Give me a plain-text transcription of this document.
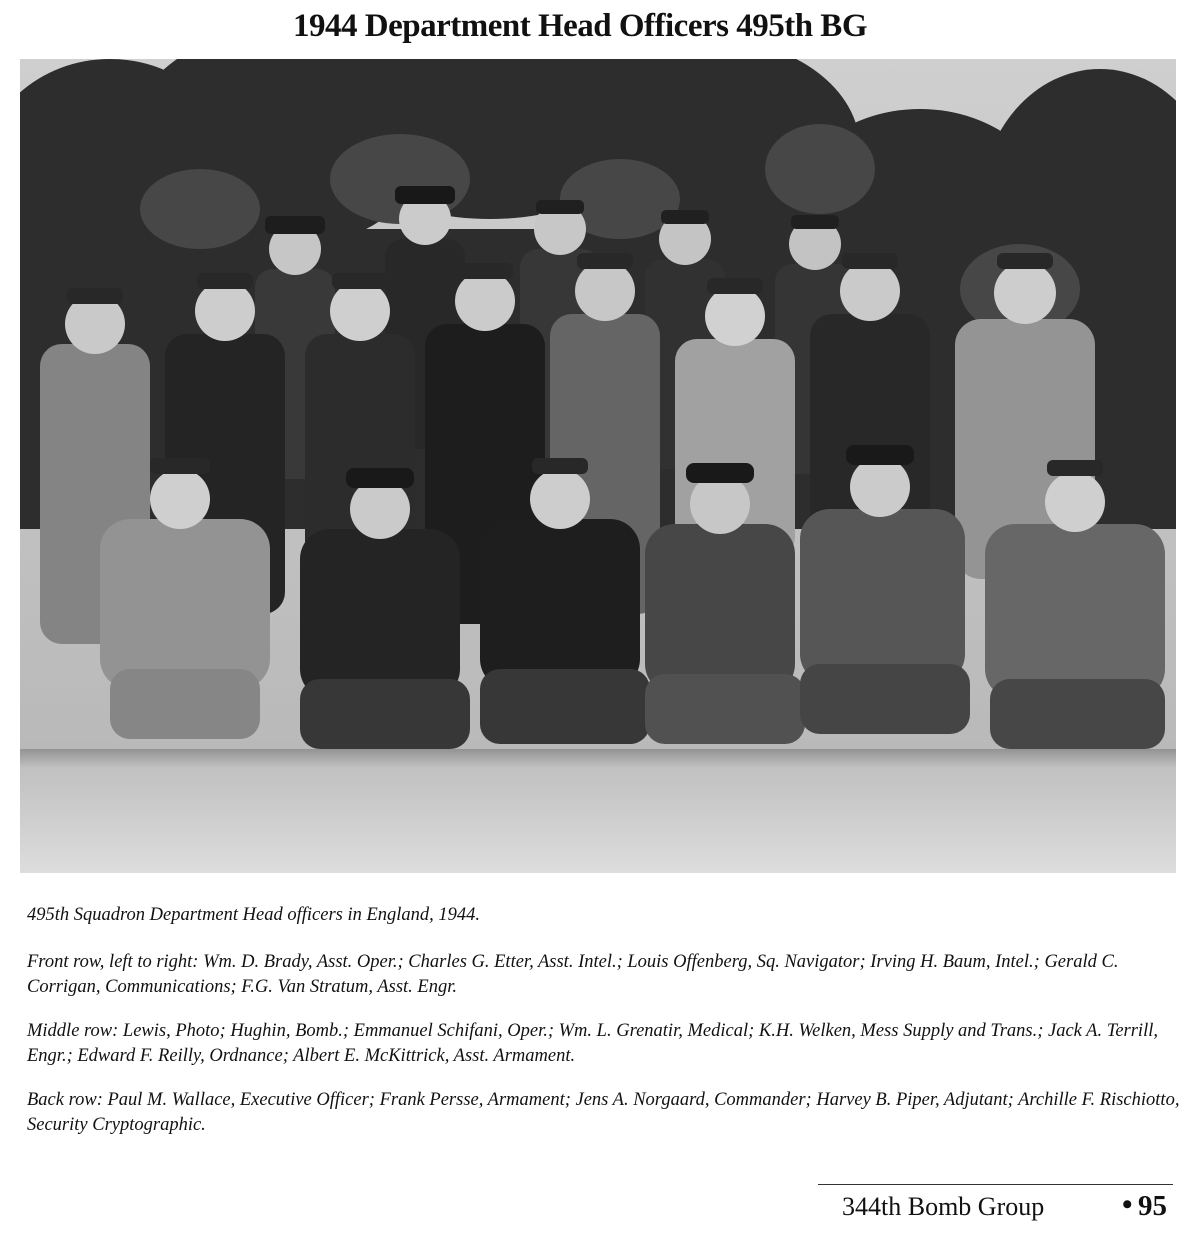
1944 Department Head Officers 495th BG

495th Squadron Department Head officers in England, 1944.

Front row, left to right: Wm. D. Brady, Asst. Oper.; Charles G. Etter, Asst. Intel.; Louis Offenberg, Sq. Navigator; Irving H. Baum, Intel.; Gerald C. Corrigan, Communications; F.G. Van Stratum, Asst. Engr.

Middle row: Lewis, Photo; Hughin, Bomb.; Emmanuel Schifani, Oper.; Wm. L. Grenatir, Medical; K.H. Welken, Mess Supply and Trans.; Jack A. Terrill, Engr.; Edward F. Reilly, Ordnance; Albert E. McKittrick, Asst. Armament.

Back row: Paul M. Wallace, Executive Officer; Frank Persse, Armament; Jens A. Norgaard, Commander; Harvey B. Piper, Adjutant; Archille F. Rischiotto, Security Cryptographic.

344th Bomb Group	• 95
